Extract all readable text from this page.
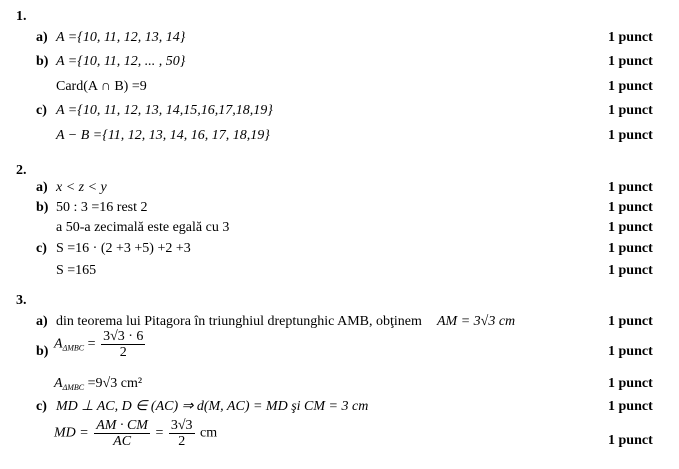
1.
a) A ={10, 11, 12, 13, 14}	1 punct
b) A ={10, 11, 12, ... , 50}	1 punct
Card(A ∩ B) =9	1 punct
c) A ={10, 11, 12, 13, 14,15,16,17,18,19}	1 punct
A − B ={11, 12, 13, 14, 16, 17, 18,19}	1 punct
2.
a) x < z < y	1 punct
b) 50 : 3 =16 rest 2	1 punct
a 50-a zecimală este egală cu 3	1 punct
c) S =16 · (2 +3 +5) +2 +3	1 punct
S =165	1 punct
3.
a) din teorema lui Pitagora în triunghiul dreptunghic AMB, obţinem AM = 3√3 cm	1 punct
b) $A_{\Delta MBC} = \frac{3√3 \cdot 6}{2}$	1 punct
$A_{\Delta MBC} =9√3$ cm²	1 punct
c) MD ⊥ AC, D ∈ (AC) ⇒ d(M, AC) = MD şi CM = 3 cm	1 punct
MD = $\frac{AM \cdot CM}{AC} = \frac{3√3}{2}$ cm	1 punct
